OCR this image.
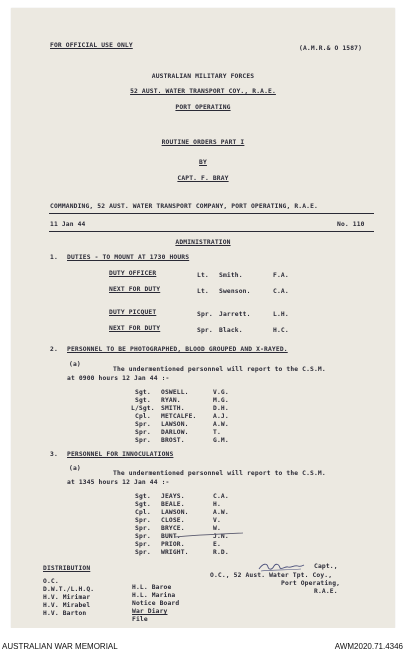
FOR OFFICIAL USE ONLY	(A.M.R.& O 1587)
AUSTRALIAN MILITARY FORCES
52 AUST. WATER TRANSPORT COY., R.A.E.
PORT OPERATING
ROUTINE ORDERS PART I
BY
CAPT. F. BRAY
COMMANDING, 52 AUST. WATER TRANSPORT COMPANY, PORT OPERATING, R.A.E.
11 Jan 44	No. 110
ADMINISTRATION
1. DUTIES - TO MOUNT AT 1730 HOURS
DUTY OFFICER	Lt. Smith.	F.A.
NEXT FOR DUTY	Lt. Swenson.	C.A.
DUTY PICQUET	Spr. Jarrett.	L.H.
NEXT FOR DUTY	Spr. Black.	H.C.
2. PERSONNEL TO BE PHOTOGRAPHED, BLOOD GROUPED AND X-RAYED.
(a)
The undermentioned personnel will report to the C.S.M.
at 0900 hours 12 Jan 44 :-
Sgt. OSWELL.	V.G.
Sgt. RYAN.	M.G.
L/Sgt. SMITH.	D.H.
Cpl. METCALFE.	A.J.
Spr. LAWSON.	A.W.
Spr. DARLOW.	T.
Spr. BROST.	G.M.
3. PERSONNEL FOR INNOCULATIONS
(a)
The undermentioned personnel will report to the C.S.M.
at 1345 hours 12 Jan 44 :-
Sgt. JEAYS.	C.A.
Sgt. BEALE.	H.
Cpl. LAWSON.	A.W.
Spr. CLOSE.	V.
Spr. BRYCE.	W.
Spr. BUNT.	J.N.
Spr. PRIOR.	E.
Spr. WRIGHT.	R.D.
Capt.,
O.C., 52 Aust. Water Tpt. Coy.,
Port Operating,
R.A.E.
DISTRIBUTION
O.C.
D.W.T./L.H.Q.
H.V. Mirimar
H.V. Mirabel
H.V. Barton
H.L. Baroe
H.L. Marina
Notice Board
War Diary
File
AUSTRALIAN WAR MEMORIAL	AWM2020.71.4346
